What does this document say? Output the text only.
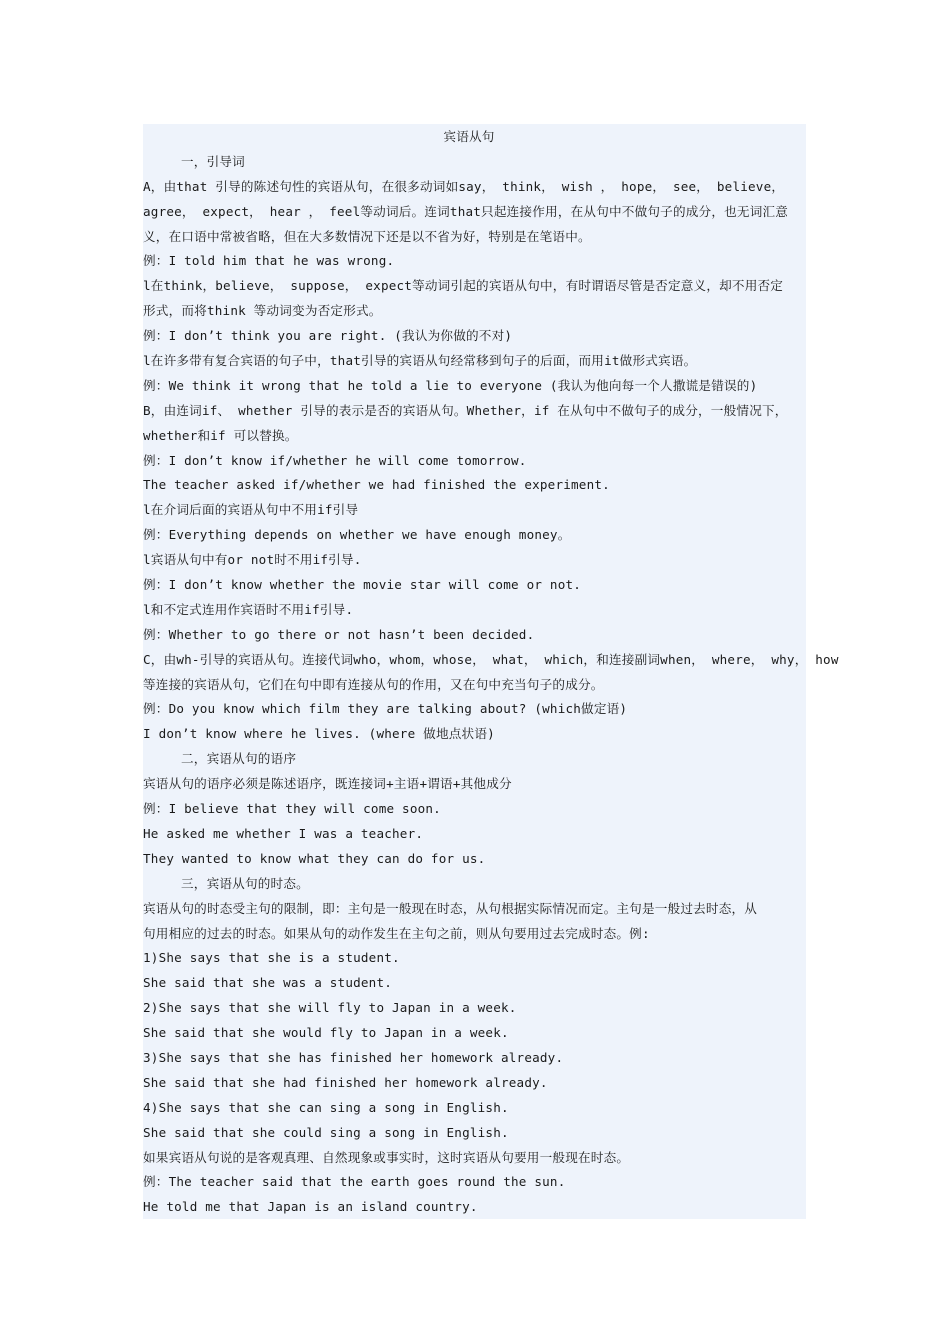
宾语从句
一，引导词
A，由that 引导的陈述句性的宾语从句，在很多动词如say， think， wish ， hope， see， believe，
agree， expect， hear ， feel等动词后。连词that只起连接作用，在从句中不做句子的成分，也无词汇意
义，在口语中常被省略，但在大多数情况下还是以不省为好，特别是在笔语中。
例：I told him that he was wrong.
l在think，believe， suppose， expect等动词引起的宾语从句中，有时谓语尽管是否定意义，却不用否定
形式，而将think 等动词变为否定形式。
例：I don’t think you are right. (我认为你做的不对)
l在许多带有复合宾语的句子中，that引导的宾语从句经常移到句子的后面，而用it做形式宾语。
例：We think it wrong that he told a lie to everyone (我认为他向每一个人撒谎是错误的)
B，由连词if、 whether 引导的表示是否的宾语从句。Whether，if 在从句中不做句子的成分，一般情况下，
whether和if 可以替换。
例：I don’t know if/whether he will come tomorrow.
The teacher asked if/whether we had finished the experiment.
l在介词后面的宾语从句中不用if引导
例：Everything depends on whether we have enough money。
l宾语从句中有or not时不用if引导.
例：I don’t know whether the movie star will come or not.
l和不定式连用作宾语时不用if引导.
例：Whether to go there or not hasn’t been decided.
C，由wh-引导的宾语从句。连接代词who，whom，whose， what， which，和连接副词when， where， why， how
等连接的宾语从句，它们在句中即有连接从句的作用，又在句中充当句子的成分。
例：Do you know which film they are talking about? (which做定语)
I don’t know where he lives. (where 做地点状语)
二，宾语从句的语序
宾语从句的语序必须是陈述语序，既连接词+主语+谓语+其他成分
例：I believe that they will come soon.
He asked me whether I was a teacher.
They wanted to know what they can do for us.
三，宾语从句的时态。
宾语从句的时态受主句的限制，即：主句是一般现在时态，从句根据实际情况而定。主句是一般过去时态，从
句用相应的过去的时态。如果从句的动作发生在主句之前，则从句要用过去完成时态。例:
1)She says that she is a student.
She said that she was a student.
2)She says that she will fly to Japan in a week.
She said that she would fly to Japan in a week.
3)She says that she has finished her homework already.
She said that she had finished her homework already.
4)She says that she can sing a song in English.
She said that she could sing a song in English.
如果宾语从句说的是客观真理、自然现象或事实时，这时宾语从句要用一般现在时态。
例：The teacher said that the earth goes round the sun.
He told me that Japan is an island country.
